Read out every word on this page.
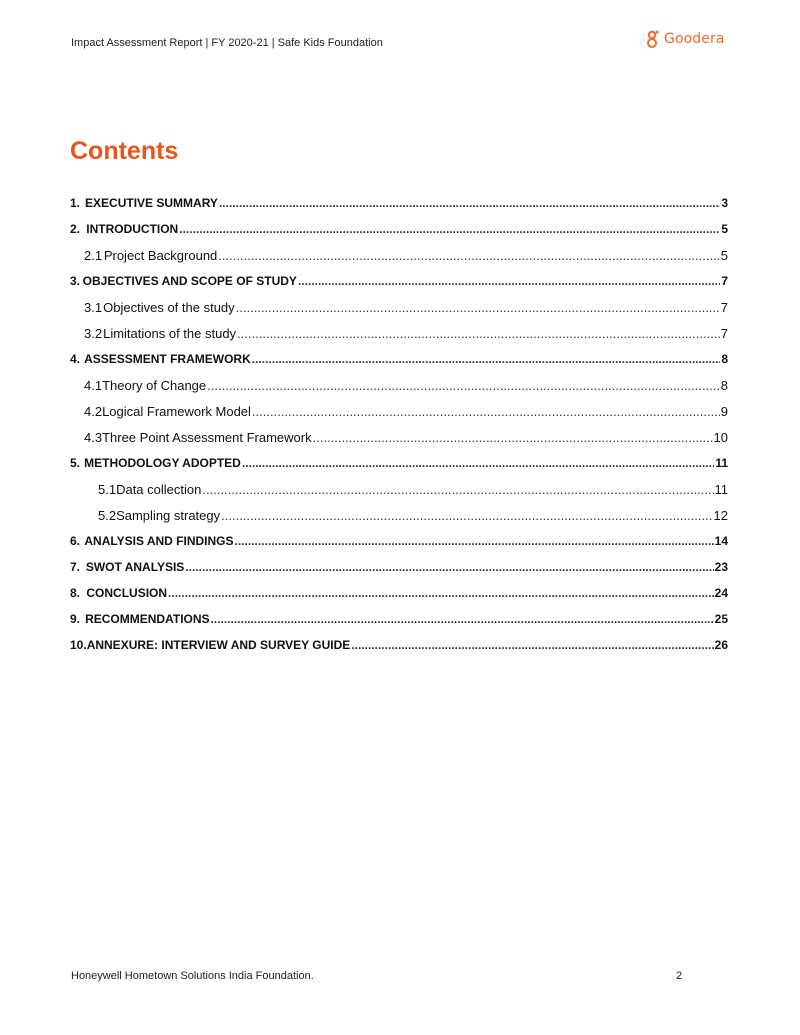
Impact Assessment Report | FY 2020-21 | Safe Kids Foundation	Goodera
Contents
1. EXECUTIVE SUMMARY .....	3
2. INTRODUCTION .....	5
2.1 Project Background .....	5
3. OBJECTIVES AND SCOPE OF STUDY .....	7
3.1 Objectives of the study .....	7
3.2 Limitations of the study .....	7
4. ASSESSMENT FRAMEWORK .....	8
4.1 Theory of Change .....	8
4.2 Logical Framework Model .....	9
4.3 Three Point Assessment Framework .....	10
5. METHODOLOGY ADOPTED .....	11
5.1 Data collection .....	11
5.2 Sampling strategy .....	12
6. ANALYSIS AND FINDINGS .....	14
7. SWOT ANALYSIS .....	23
8. CONCLUSION .....	24
9. RECOMMENDATIONS .....	25
10. ANNEXURE: INTERVIEW AND SURVEY GUIDE .....	26
Honeywell Hometown Solutions India Foundation.	2
